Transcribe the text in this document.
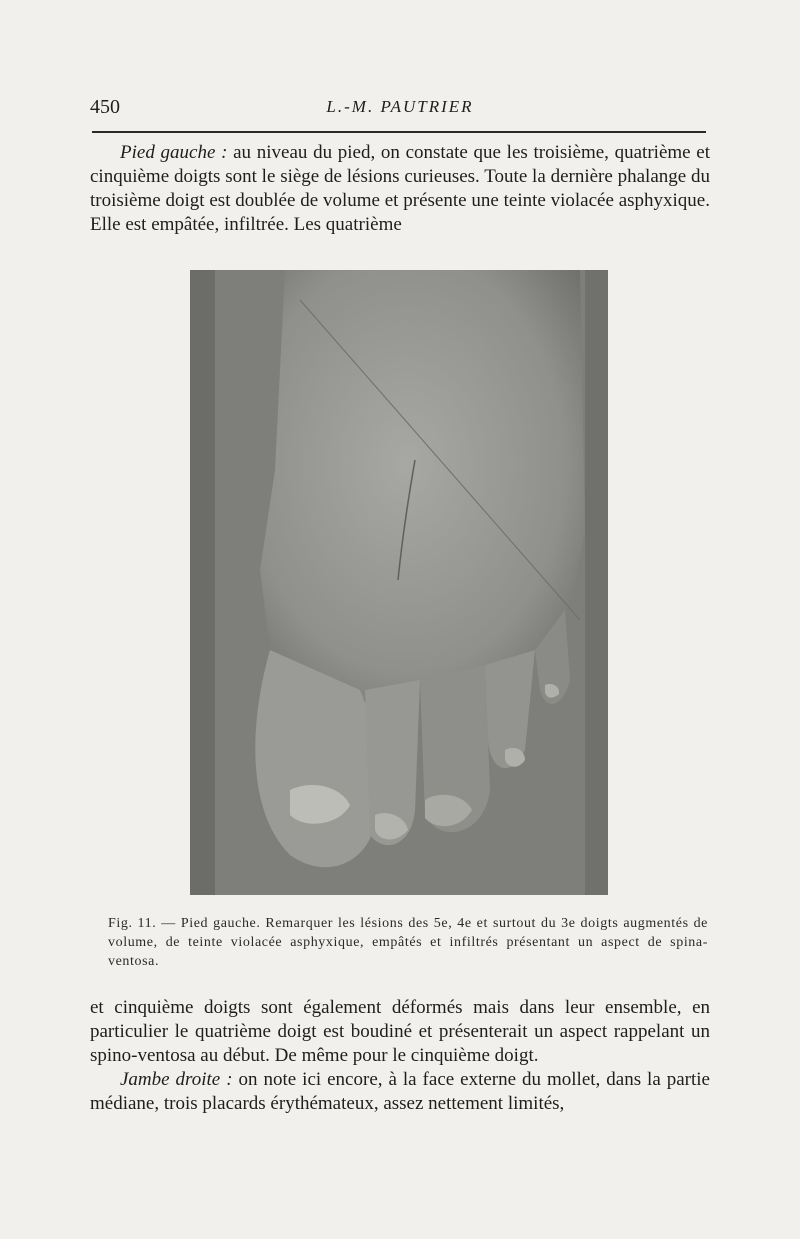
450	L.-M. PAUTRIER

Pied gauche : au niveau du pied, on constate que les troisième, quatrième et cinquième doigts sont le siège de lésions curieuses. Toute la dernière phalange du troisième doigt est doublée de volume et présente une teinte violacée asphyxique. Elle est empâtée, infiltrée. Les quatrième

Fig. 11. — Pied gauche. Remarquer les lésions des 5e, 4e et surtout du 3e doigts augmentés de volume, de teinte violacée asphyxique, empâtés et infiltrés présentant un aspect de spina-ventosa.

et cinquième doigts sont également déformés mais dans leur ensemble, en particulier le quatrième doigt est boudiné et présenterait un aspect rappelant un spino-ventosa au début. De même pour le cinquième doigt.

Jambe droite : on note ici encore, à la face externe du mollet, dans la partie médiane, trois placards érythémateux, assez nettement limités,
